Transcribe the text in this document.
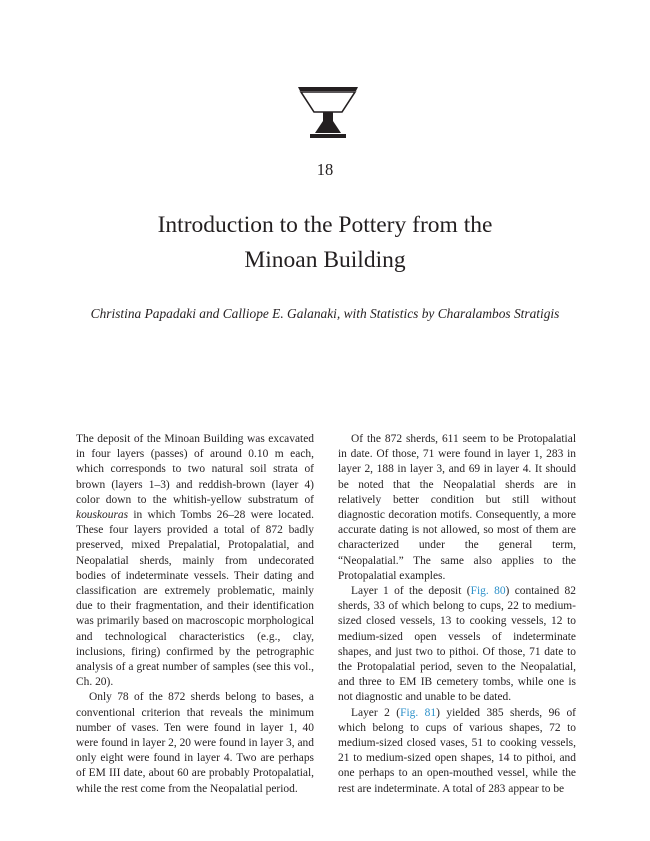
18
Introduction to the Pottery from the
Minoan Building
Christina Papadaki and Calliope E. Galanaki, with Statistics by Charalambos Stratigis

The deposit of the Minoan Building was excavated in four layers (passes) of around 0.10 m each, which corresponds to two natural soil strata of brown (layers 1–3) and reddish-brown (layer 4) color down to the whitish-yellow substratum of kouskouras in which Tombs 26–28 were located. These four layers provided a total of 872 badly preserved, mixed Prepalatial, Protopalatial, and Neopalatial sherds, mainly from undecorated bodies of indeterminate vessels. Their dating and classification are extremely problematic, mainly due to their fragmentation, and their identification was primarily based on macroscopic morphological and technological characteristics (e.g., clay, inclusions, firing) confirmed by the petrographic analysis of a great number of samples (see this vol., Ch. 20).

Only 78 of the 872 sherds belong to bases, a conventional criterion that reveals the minimum number of vases. Ten were found in layer 1, 40 were found in layer 2, 20 were found in layer 3, and only eight were found in layer 4. Two are perhaps of EM III date, about 60 are probably Protopalatial, while the rest come from the Neopalatial period.

Of the 872 sherds, 611 seem to be Protopalatial in date. Of those, 71 were found in layer 1, 283 in layer 2, 188 in layer 3, and 69 in layer 4. It should be noted that the Neopalatial sherds are in relatively better condition but still without diagnostic decoration motifs. Consequently, a more accurate dating is not allowed, so most of them are characterized under the general term, “Neopalatial.” The same also applies to the Protopalatial examples.

Layer 1 of the deposit (Fig. 80) contained 82 sherds, 33 of which belong to cups, 22 to medium-sized closed vessels, 13 to cooking vessels, 12 to medium-sized open vessels of indeterminate shapes, and just two to pithoi. Of those, 71 date to the Protopalatial period, seven to the Neopalatial, and three to EM IB cemetery tombs, while one is not diagnostic and unable to be dated.

Layer 2 (Fig. 81) yielded 385 sherds, 96 of which belong to cups of various shapes, 72 to medium-sized closed vases, 51 to cooking vessels, 21 to medium-sized open shapes, 14 to pithoi, and one perhaps to an open-mouthed vessel, while the rest are indeterminate. A total of 283 appear to be
